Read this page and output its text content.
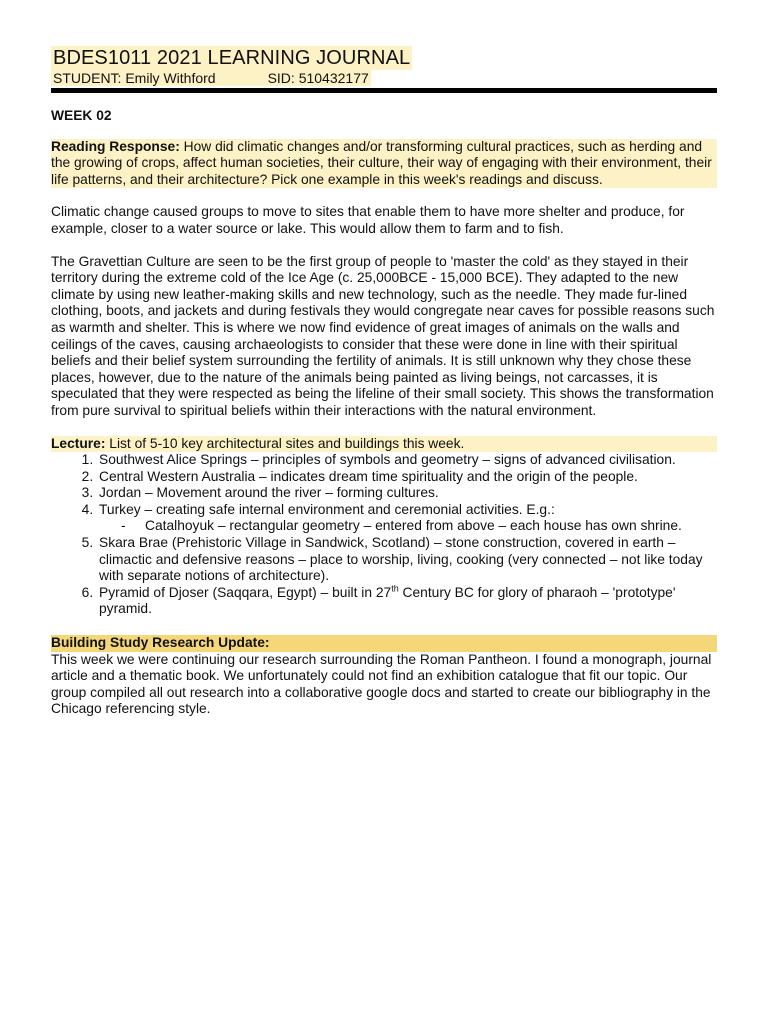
BDES1011 2021 LEARNING JOURNAL
STUDENT: Emily Withford	SID: 510432177

WEEK 02

Reading Response: How did climatic changes and/or transforming cultural practices, such as herding and the growing of crops, affect human societies, their culture, their way of engaging with their environment, their life patterns, and their architecture? Pick one example in this week's readings and discuss.

Climatic change caused groups to move to sites that enable them to have more shelter and produce, for example, closer to a water source or lake. This would allow them to farm and to fish.

The Gravettian Culture are seen to be the first group of people to 'master the cold' as they stayed in their territory during the extreme cold of the Ice Age (c. 25,000BCE - 15,000 BCE). They adapted to the new climate by using new leather-making skills and new technology, such as the needle. They made fur-lined clothing, boots, and jackets and during festivals they would congregate near caves for possible reasons such as warmth and shelter. This is where we now find evidence of great images of animals on the walls and ceilings of the caves, causing archaeologists to consider that these were done in line with their spiritual beliefs and their belief system surrounding the fertility of animals. It is still unknown why they chose these places, however, due to the nature of the animals being painted as living beings, not carcasses, it is speculated that they were respected as being the lifeline of their small society. This shows the transformation from pure survival to spiritual beliefs within their interactions with the natural environment.

Lecture: List of 5-10 key architectural sites and buildings this week.

1. Southwest Alice Springs – principles of symbols and geometry – signs of advanced civilisation.
2. Central Western Australia – indicates dream time spirituality and the origin of the people.
3. Jordan – Movement around the river – forming cultures.
4. Turkey – creating safe internal environment and ceremonial activities. E.g.:
- Catalhoyuk – rectangular geometry – entered from above – each house has own shrine.
5. Skara Brae (Prehistoric Village in Sandwick, Scotland) – stone construction, covered in earth – climactic and defensive reasons – place to worship, living, cooking (very connected – not like today with separate notions of architecture).
6. Pyramid of Djoser (Saqqara, Egypt) – built in 27th Century BC for glory of pharaoh – 'prototype' pyramid.

Building Study Research Update:

This week we were continuing our research surrounding the Roman Pantheon. I found a monograph, journal article and a thematic book. We unfortunately could not find an exhibition catalogue that fit our topic. Our group compiled all out research into a collaborative google docs and started to create our bibliography in the Chicago referencing style.
